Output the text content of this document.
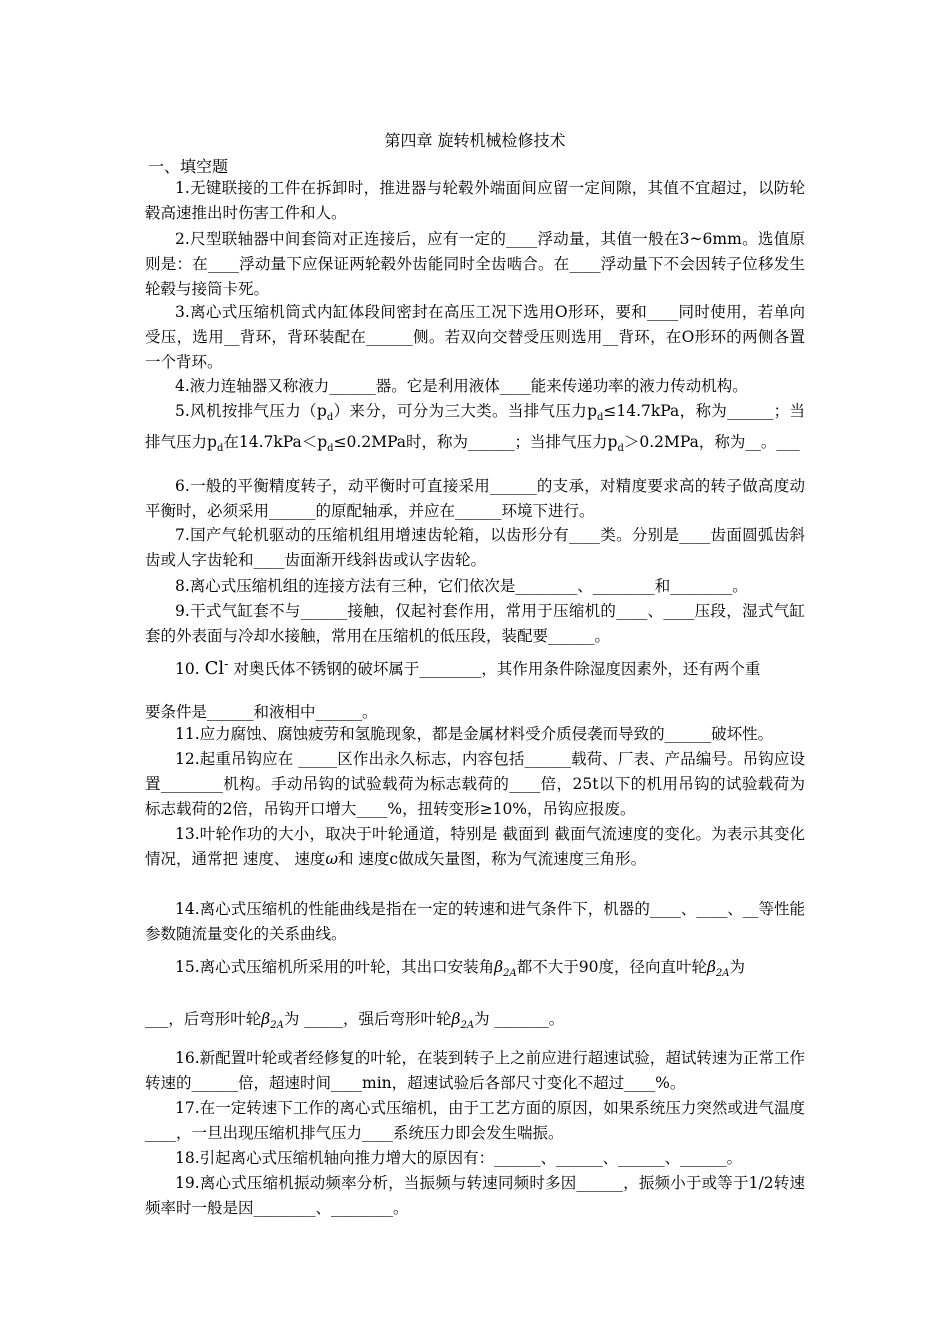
第四章 旋转机械检修技术
一、填空题
1.无键联接的工件在拆卸时，推进器与轮毂外端面间应留一定间隙，其值不宜超过，以防轮毂高速推出时伤害工件和人。
2.尺型联轴器中间套筒对正连接后，应有一定的____浮动量，其值一般在3~6mm。选值原则是：在____浮动量下应保证两轮毂外齿能同时全齿啮合。在____浮动量下不会因转子位移发生轮毂与接筒卡死。
3.离心式压缩机筒式内缸体段间密封在高压工况下选用O形环，要和____同时使用，若单向受压，选用__背环，背环装配在______侧。若双向交替受压则选用__背环，在O形环的两侧各置一个背环。
4.液力连轴器又称液力______器。它是利用液体____能来传递功率的液力传动机构。
5.风机按排气压力$(p_d)$来分，可分为三大类。当排气压力$p_d\le 14.7kPa$，称为______；当排气压力$p_d$在$14.7kPa<p_d\le 0.2MPa$时，称为______；当排气压力$p_d>0.2MPa$，称为__。___
6.一般的平衡精度转子，动平衡时可直接采用______的支承，对精度要求高的转子做高度动平衡时，必须采用______的原配轴承，并应在______环境下进行。
7.国产气轮机驱动的压缩机组用增速齿轮箱，以齿形分有____类。分别是____齿面圆弧齿斜齿或人字齿轮和____齿面渐开线斜齿或认字齿轮。
8.离心式压缩机组的连接方法有三种，它们依次是________、________和________。
9.干式气缸套不与______接触，仅起衬套作用，常用于压缩机的____、____压段，湿式气缸套的外表面与冷却水接触，常用在压缩机的低压段，装配要______。
10. Cl- 对奥氏体不锈钢的破坏属于________，其作用条件除湿度因素外，还有两个重
要条件是______和液相中______。
11.应力腐蚀、腐蚀疲劳和氢脆现象，都是金属材料受介质侵袭而导致的______破坏性。
12.起重吊钩应在 _____区作出永久标志，内容包括______载荷、厂表、产品编号。吊钩应设置________机构。手动吊钩的试验载荷为标志载荷的____倍，25t以下的机用吊钩的试验载荷为标志载荷的2倍，吊钩开口增大____%，扭转变形≥10%，吊钩应报废。
13.叶轮作功的大小，取决于叶轮通道，特别是 截面到 截面气流速度的变化。为表示其变化情况，通常把 速度、 速度ω和 速度c做成矢量图，称为气流速度三角形。
14.离心式压缩机的性能曲线是指在一定的转速和进气条件下，机器的____、____、__等性能参数随流量变化的关系曲线。
15.离心式压缩机所采用的叶轮，其出口安装角$\beta_{2A}$都不大于90度，径向直叶轮$\beta_{2A}$为
___，后弯形叶轮$\beta_{2A}$为 _____，强后弯形叶轮$\beta_{2A}$为 _______。
16.新配置叶轮或者经修复的叶轮，在装到转子上之前应进行超速试验，超试转速为正常工作转速的______倍，超速时间____min，超速试验后各部尺寸变化不超过____%。
17.在一定转速下工作的离心式压缩机，由于工艺方面的原因，如果系统压力突然或进气温度____，一旦出现压缩机排气压力____系统压力即会发生喘振。
18.引起离心式压缩机轴向推力增大的原因有：______、______、______、______。
19.离心式压缩机振动频率分析，当振频与转速同频时多因______，振频小于或等于1/2转速频率时一般是因________、________。
